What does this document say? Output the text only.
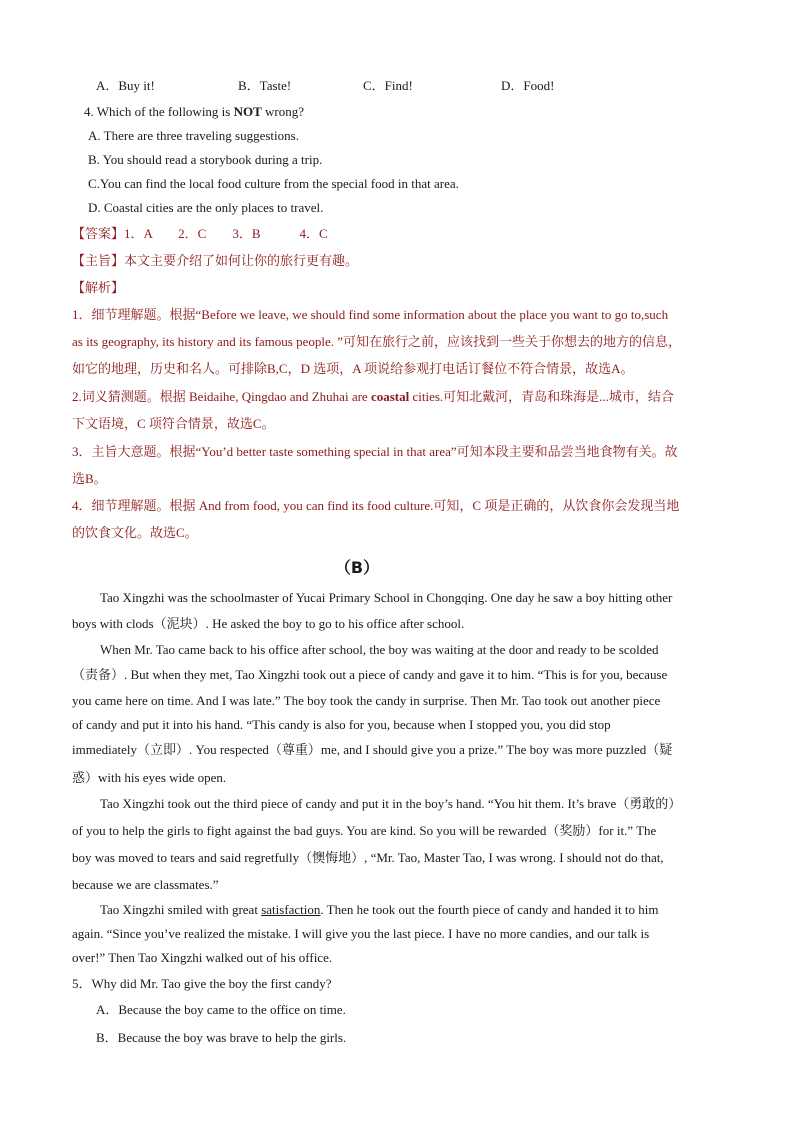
A．Buy it!	B．Taste!	C．Find!	D．Food!
4. Which of the following is NOT wrong?
A. There are three traveling suggestions.
B. You should read a storybook during a trip.
C.You can find the local food culture from the special food in that area.
D. Coastal cities are the only places to travel.
【答案】1．A　　2．C　　3．B　　　4．C
【主旨】本文主要介绍了如何让你的旅行更有趣。
【解析】
1．细节理解题。根据“Before we leave, we should find some information about the place you want to go to,such
as its geography, its history and its famous people. ”可知在旅行之前，应该找到一些关于你想去的地方的信息，
如它的地理，历史和名人。可排除B,C，D 选项，A 项说给参观打电话订餐位不符合情景，故选A。
2.词义猜测题。根据 Beidaihe, Qingdao and Zhuhai are coastal cities.可知北戴河，青岛和珠海是...城市，结合
下文语境，C 项符合情景，故选C。
3．主旨大意题。根据“You’d better taste something special in that area”可知本段主要和品尝当地食物有关。故
选B。
4．细节理解题。根据 And from food, you can find its food culture.可知，C 项是正确的，从饮食你会发现当地
的饮食文化。故选C。
（B）
Tao Xingzhi was the schoolmaster of Yucai Primary School in Chongqing. One day he saw a boy hitting other
boys with clods（泥块）. He asked the boy to go to his office after school.
When Mr. Tao came back to his office after school, the boy was waiting at the door and ready to be scolded
（责备）. But when they met, Tao Xingzhi took out a piece of candy and gave it to him. “This is for you, because
you came here on time. And I was late.” The boy took the candy in surprise. Then Mr. Tao took out another piece
of candy and put it into his hand. “This candy is also for you, because when I stopped you, you did stop
immediately（立即）. You respected（尊重）me, and I should give you a prize.” The boy was more puzzled（疑
惑）with his eyes wide open.
Tao Xingzhi took out the third piece of candy and put it in the boy’s hand. “You hit them. It’s brave（勇敢的）
of you to help the girls to fight against the bad guys. You are kind. So you will be rewarded（奖励）for it.” The
boy was moved to tears and said regretfully（懊悔地）, “Mr. Tao, Master Tao, I was wrong. I should not do that,
because we are classmates.”
Tao Xingzhi smiled with great satisfaction. Then he took out the fourth piece of candy and handed it to him
again. “Since you’ve realized the mistake. I will give you the last piece. I have no more candies, and our talk is
over!” Then Tao Xingzhi walked out of his office.
5．Why did Mr. Tao give the boy the first candy?
A．Because the boy came to the office on time.
B．Because the boy was brave to help the girls.
